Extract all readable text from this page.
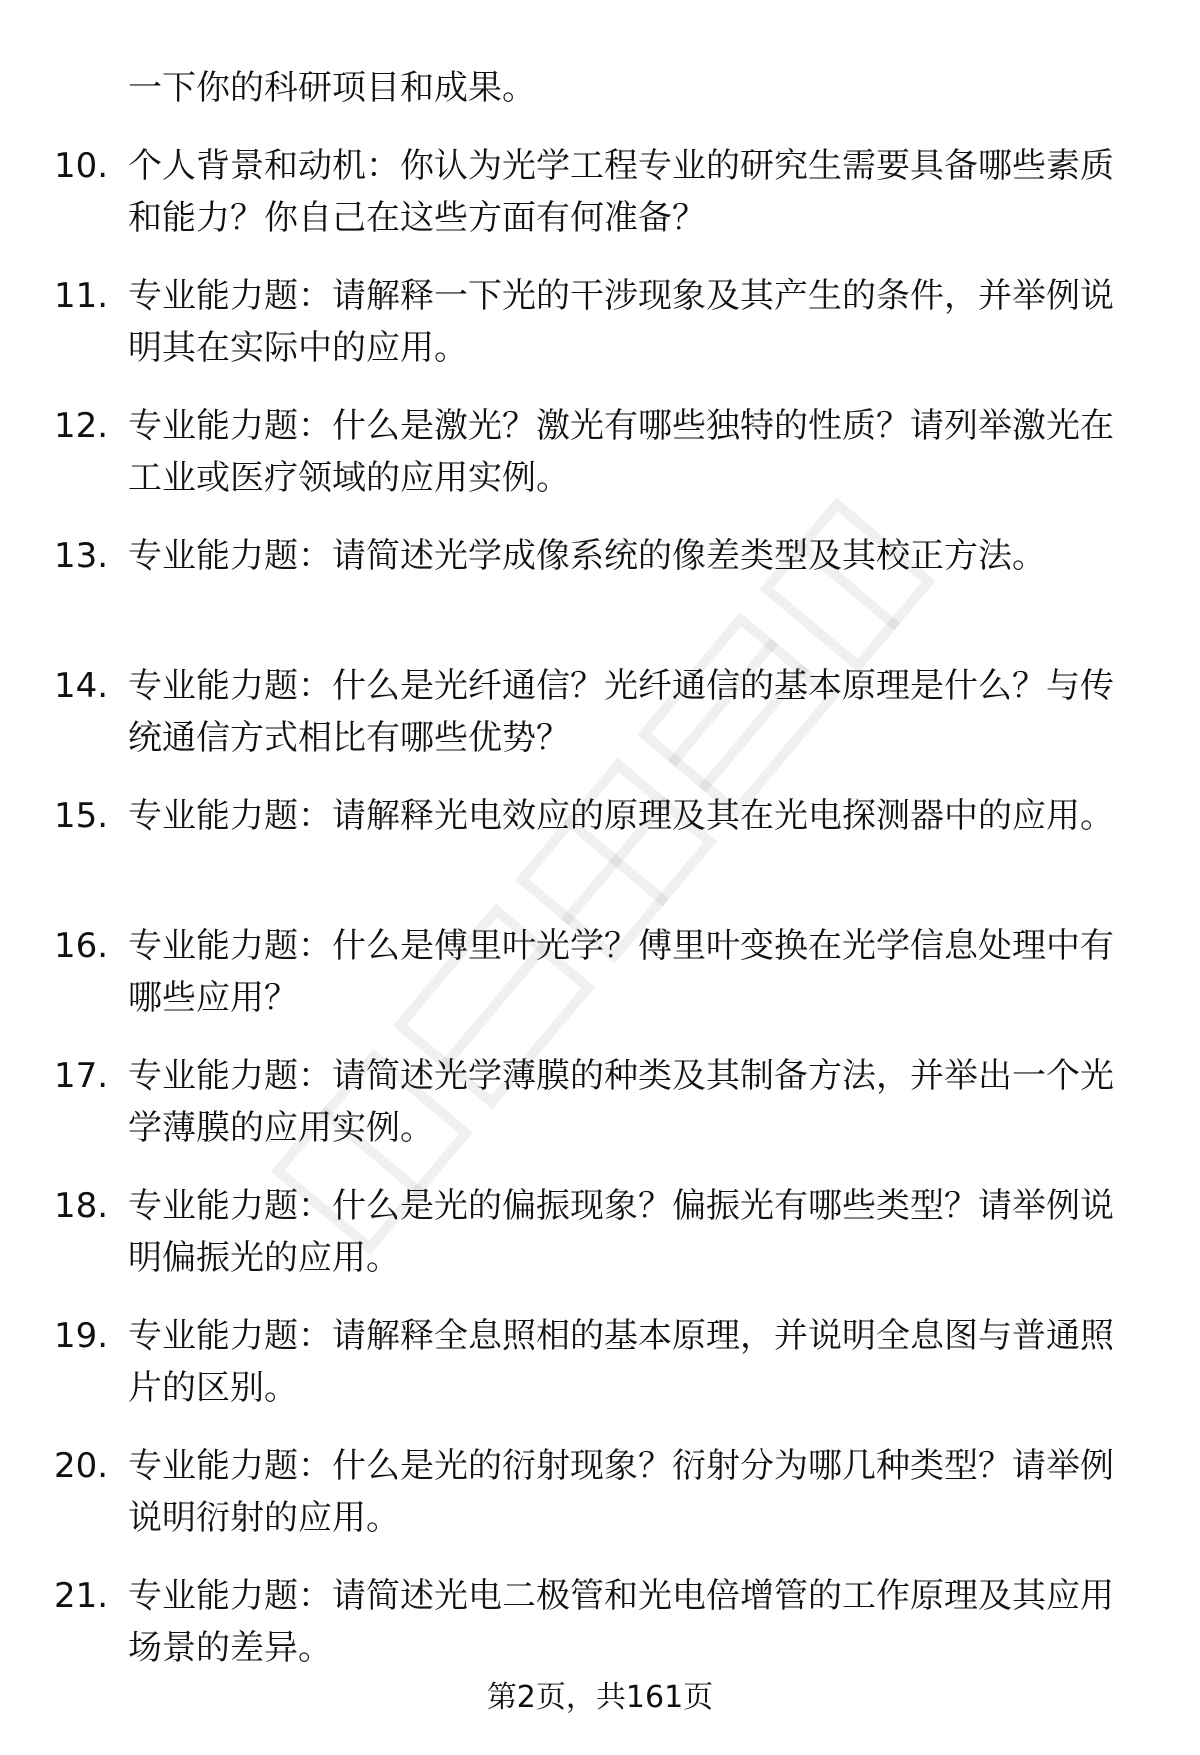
一下你的科研项目和成果。

10. 个人背景和动机：你认为光学工程专业的研究生需要具备哪些素质和能力？你自己在这些方面有何准备？
11. 专业能力题：请解释一下光的干涉现象及其产生的条件，并举例说明其在实际中的应用。
12. 专业能力题：什么是激光？激光有哪些独特的性质？请列举激光在工业或医疗领域的应用实例。
13. 专业能力题：请简述光学成像系统的像差类型及其校正方法。
14. 专业能力题：什么是光纤通信？光纤通信的基本原理是什么？与传统通信方式相比有哪些优势？
15. 专业能力题：请解释光电效应的原理及其在光电探测器中的应用。
16. 专业能力题：什么是傅里叶光学？傅里叶变换在光学信息处理中有哪些应用？
17. 专业能力题：请简述光学薄膜的种类及其制备方法，并举出一个光学薄膜的应用实例。
18. 专业能力题：什么是光的偏振现象？偏振光有哪些类型？请举例说明偏振光的应用。
19. 专业能力题：请解释全息照相的基本原理，并说明全息图与普通照片的区别。
20. 专业能力题：什么是光的衍射现象？衍射分为哪几种类型？请举例说明衍射的应用。
21. 专业能力题：请简述光电二极管和光电倍增管的工作原理及其应用场景的差异。
第2页，共161页
